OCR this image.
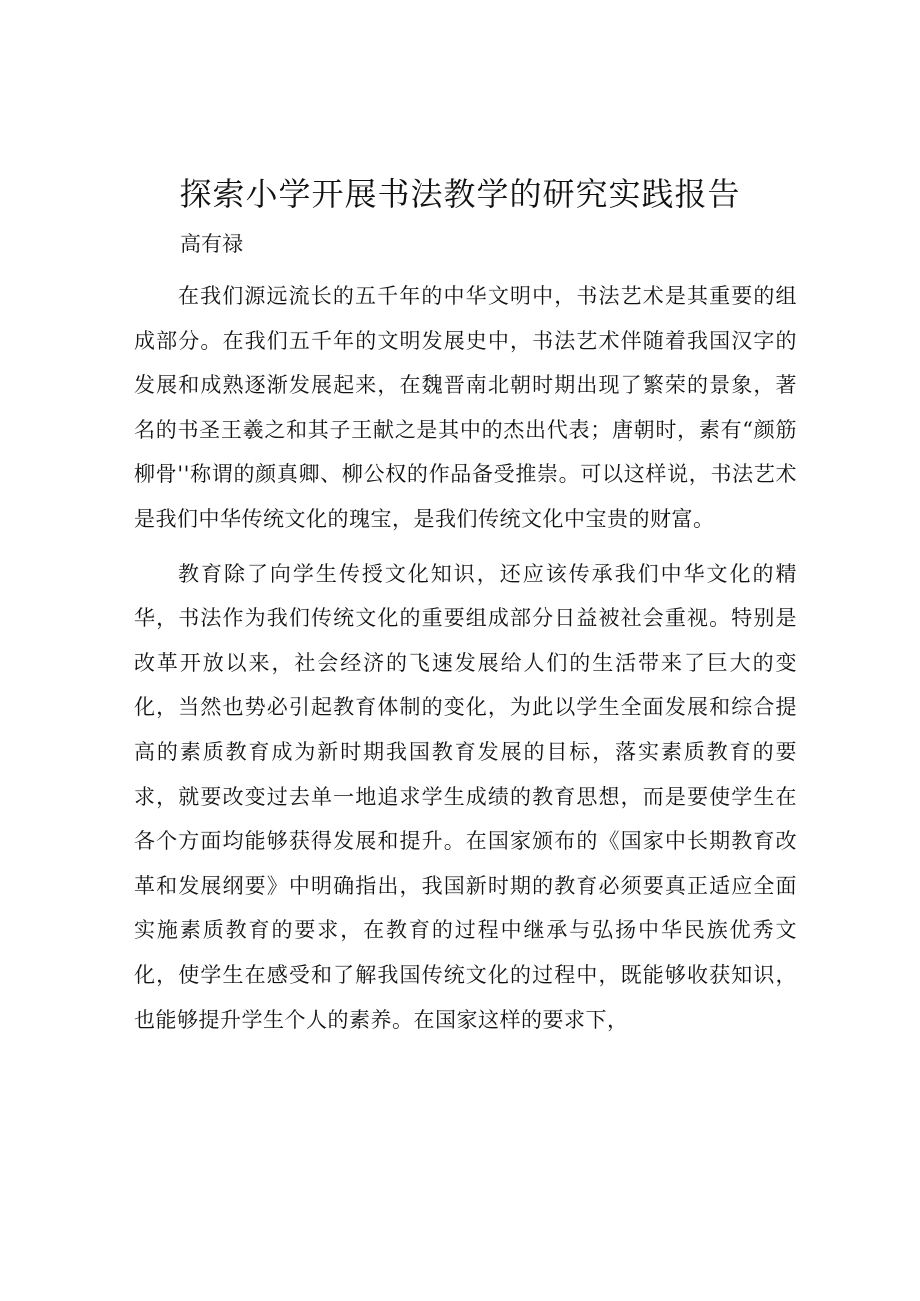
探索小学开展书法教学的研究实践报告

高有禄

在我们源远流长的五千年的中华文明中，书法艺术是其重要的组成部分。在我们五千年的文明发展史中，书法艺术伴随着我国汉字的发展和成熟逐渐发展起来，在魏晋南北朝时期出现了繁荣的景象，著名的书圣王羲之和其子王献之是其中的杰出代表；唐朝时，素有“颜筋柳骨''称谓的颜真卿、柳公权的作品备受推崇。可以这样说，书法艺术是我们中华传统文化的瑰宝，是我们传统文化中宝贵的财富。

教育除了向学生传授文化知识，还应该传承我们中华文化的精华，书法作为我们传统文化的重要组成部分日益被社会重视。特别是改革开放以来，社会经济的飞速发展给人们的生活带来了巨大的变化，当然也势必引起教育体制的变化，为此以学生全面发展和综合提高的素质教育成为新时期我国教育发展的目标，落实素质教育的要求，就要改变过去单一地追求学生成绩的教育思想，而是要使学生在各个方面均能够获得发展和提升。在国家颁布的《国家中长期教育改革和发展纲要》中明确指出，我国新时期的教育必须要真正适应全面实施素质教育的要求，在教育的过程中继承与弘扬中华民族优秀文化，使学生在感受和了解我国传统文化的过程中，既能够收获知识，也能够提升学生个人的素养。在国家这样的要求下，
